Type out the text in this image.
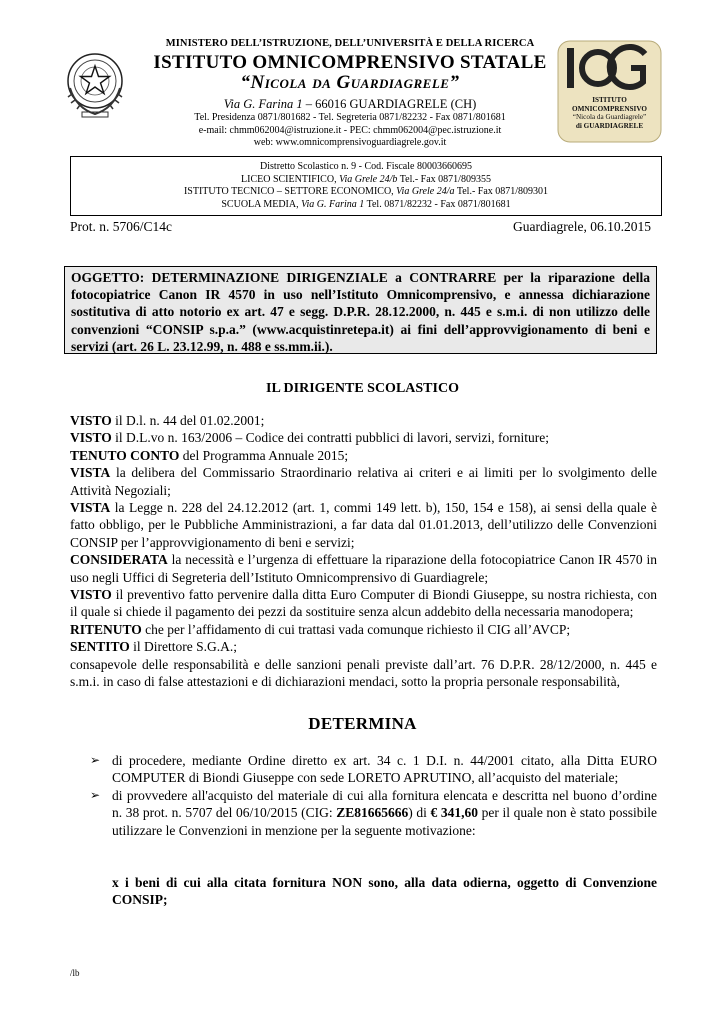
MINISTERO DELL’ISTRUZIONE, DELL’UNIVERSITÀ E DELLA RICERCA
ISTITUTO OMNICOMPRENSIVO STATALE
“Nicola da Guardiagrele”
Via G. Farina 1 – 66016 GUARDIAGRELE (CH)
Tel. Presidenza 0871/801682 - Tel. Segreteria 0871/82232 - Fax 0871/801681
e-mail: chmm062004@istruzione.it - PEC: chmm062004@pec.istruzione.it
web: www.omnicomprensivoguardiagrele.gov.it
ISTITUTO
OMNICOMPRENSIVO
“Nicola da Guardiagrele”
di GUARDIAGRELE
Distretto Scolastico n. 9 - Cod. Fiscale 80003660695
LICEO SCIENTIFICO, Via Grele 24/b Tel.- Fax 0871/809355
ISTITUTO TECNICO – SETTORE ECONOMICO, Via Grele 24/a Tel.- Fax 0871/809301
SCUOLA MEDIA, Via G. Farina 1 Tel. 0871/82232 - Fax 0871/801681
Prot. n. 5706/C14c	Guardiagrele, 06.10.2015
OGGETTO: DETERMINAZIONE DIRIGENZIALE a CONTRARRE per la riparazione della fotocopiatrice Canon IR 4570 in uso nell’Istituto Omnicomprensivo, e annessa dichiarazione sostitutiva di atto notorio ex art. 47 e segg. D.P.R. 28.12.2000, n. 445 e s.m.i. di non utilizzo delle convenzioni “CONSIP s.p.a.” (www.acquistinretepa.it) ai fini dell’approvvigionamento di beni e servizi (art. 26 L. 23.12.99, n. 488 e ss.mm.ii.).
IL DIRIGENTE SCOLASTICO

VISTO il D.l. n. 44 del 01.02.2001;

VISTO il D.L.vo n. 163/2006 – Codice dei contratti pubblici di lavori, servizi, forniture;

TENUTO CONTO del Programma Annuale 2015;

VISTA la delibera del Commissario Straordinario relativa ai criteri e ai limiti per lo svolgimento delle Attività Negoziali;

VISTA la Legge n. 228 del 24.12.2012 (art. 1, commi 149 lett. b), 150, 154 e 158), ai sensi della quale è fatto obbligo, per le Pubbliche Amministrazioni, a far data dal 01.01.2013, dell’utilizzo delle Convenzioni CONSIP per l’approvvigionamento di beni e servizi;

CONSIDERATA la necessità e l’urgenza di effettuare la riparazione della fotocopiatrice Canon IR 4570 in uso negli Uffici di Segreteria dell’Istituto Omnicomprensivo di Guardiagrele;

VISTO il preventivo fatto pervenire dalla ditta Euro Computer di Biondi Giuseppe, su nostra richiesta, con il quale si chiede il pagamento dei pezzi da sostituire senza alcun addebito della necessaria manodopera;

RITENUTO che per l’affidamento di cui trattasi vada comunque richiesto il CIG all’AVCP;

SENTITO il Direttore S.G.A.;

consapevole delle responsabilità e delle sanzioni penali previste dall’art. 76 D.P.R. 28/12/2000, n. 445 e s.m.i. in caso di false attestazioni e di dichiarazioni mendaci, sotto la propria personale responsabilità,

DETERMINA
➢ di procedere, mediante Ordine diretto ex art. 34 c. 1 D.I. n. 44/2001 citato, alla Ditta EURO COMPUTER di Biondi Giuseppe con sede LORETO APRUTINO, all’acquisto del materiale;
➢ di provvedere all'acquisto del materiale di cui alla fornitura elencata e descritta nel buono d’ordine n. 38 prot. n. 5707 del 06/10/2015 (CIG: ZE81665666) di € 341,60 per il quale non è stato possibile utilizzare le Convenzioni in menzione per la seguente motivazione:
x i beni di cui alla citata fornitura NON sono, alla data odierna, oggetto di Convenzione CONSIP;
/lb
